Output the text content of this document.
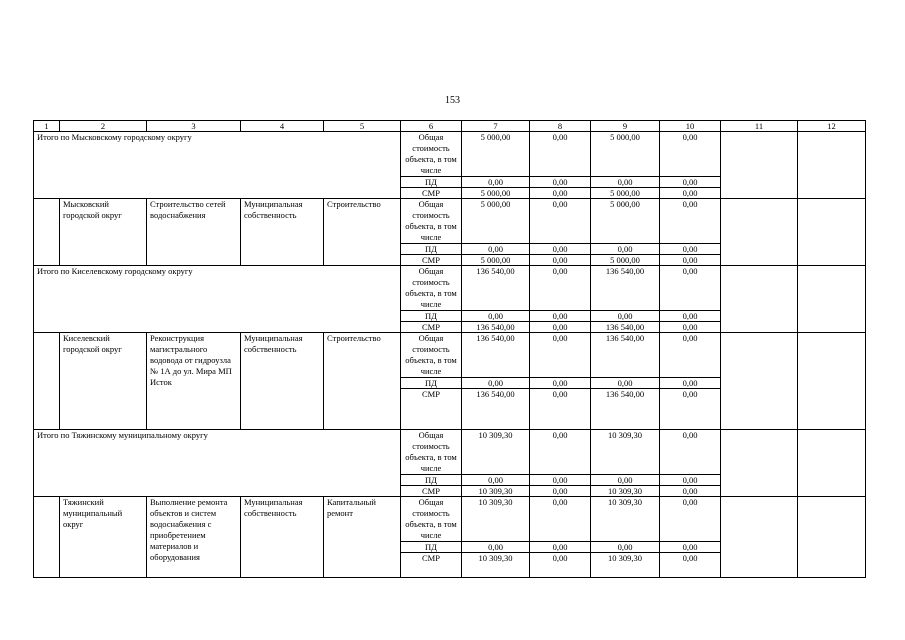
153
1	2	3	4	5	6	7	8	9	10	11	12
Итого по Мысковскому городскому округу					Общая стоимость объекта, в том числе	5 000,00	0,00	5 000,00	0,00		
					ПД	0,00	0,00	0,00	0,00		
					СМР	5 000,00	0,00	5 000,00	0,00		
	Мысковский городской округ	Строительство сетей водоснабжения	Муниципальная собственность	Строительство	Общая стоимость объекта, в том числе	5 000,00	0,00	5 000,00	0,00		
					ПД	0,00	0,00	0,00	0,00		
					СМР	5 000,00	0,00	5 000,00	0,00		
Итого по Киселевскому городскому округу					Общая стоимость объекта, в том числе	136 540,00	0,00	136 540,00	0,00		
					ПД	0,00	0,00	0,00	0,00		
					СМР	136 540,00	0,00	136 540,00	0,00		
	Киселевский городской округ	Реконструкция магистрального водовода от гидроузла № 1А до ул. Мира МП Исток	Муниципальная собственность	Строительство	Общая стоимость объекта, в том числе	136 540,00	0,00	136 540,00	0,00		
					ПД	0,00	0,00	0,00	0,00		
					СМР	136 540,00	0,00	136 540,00	0,00		
Итого по Тяжинскому муниципальному округу					Общая стоимость объекта, в том числе	10 309,30	0,00	10 309,30	0,00		
					ПД	0,00	0,00	0,00	0,00		
					СМР	10 309,30	0,00	10 309,30	0,00		
	Тяжинский муниципальный округ	Выполнение ремонта объектов и систем водоснабжения с приобретением материалов и оборудования	Муниципальная собственность	Капитальный ремонт	Общая стоимость объекта, в том числе	10 309,30	0,00	10 309,30	0,00		
					ПД	0,00	0,00	0,00	0,00		
					СМР	10 309,30	0,00	10 309,30	0,00		
